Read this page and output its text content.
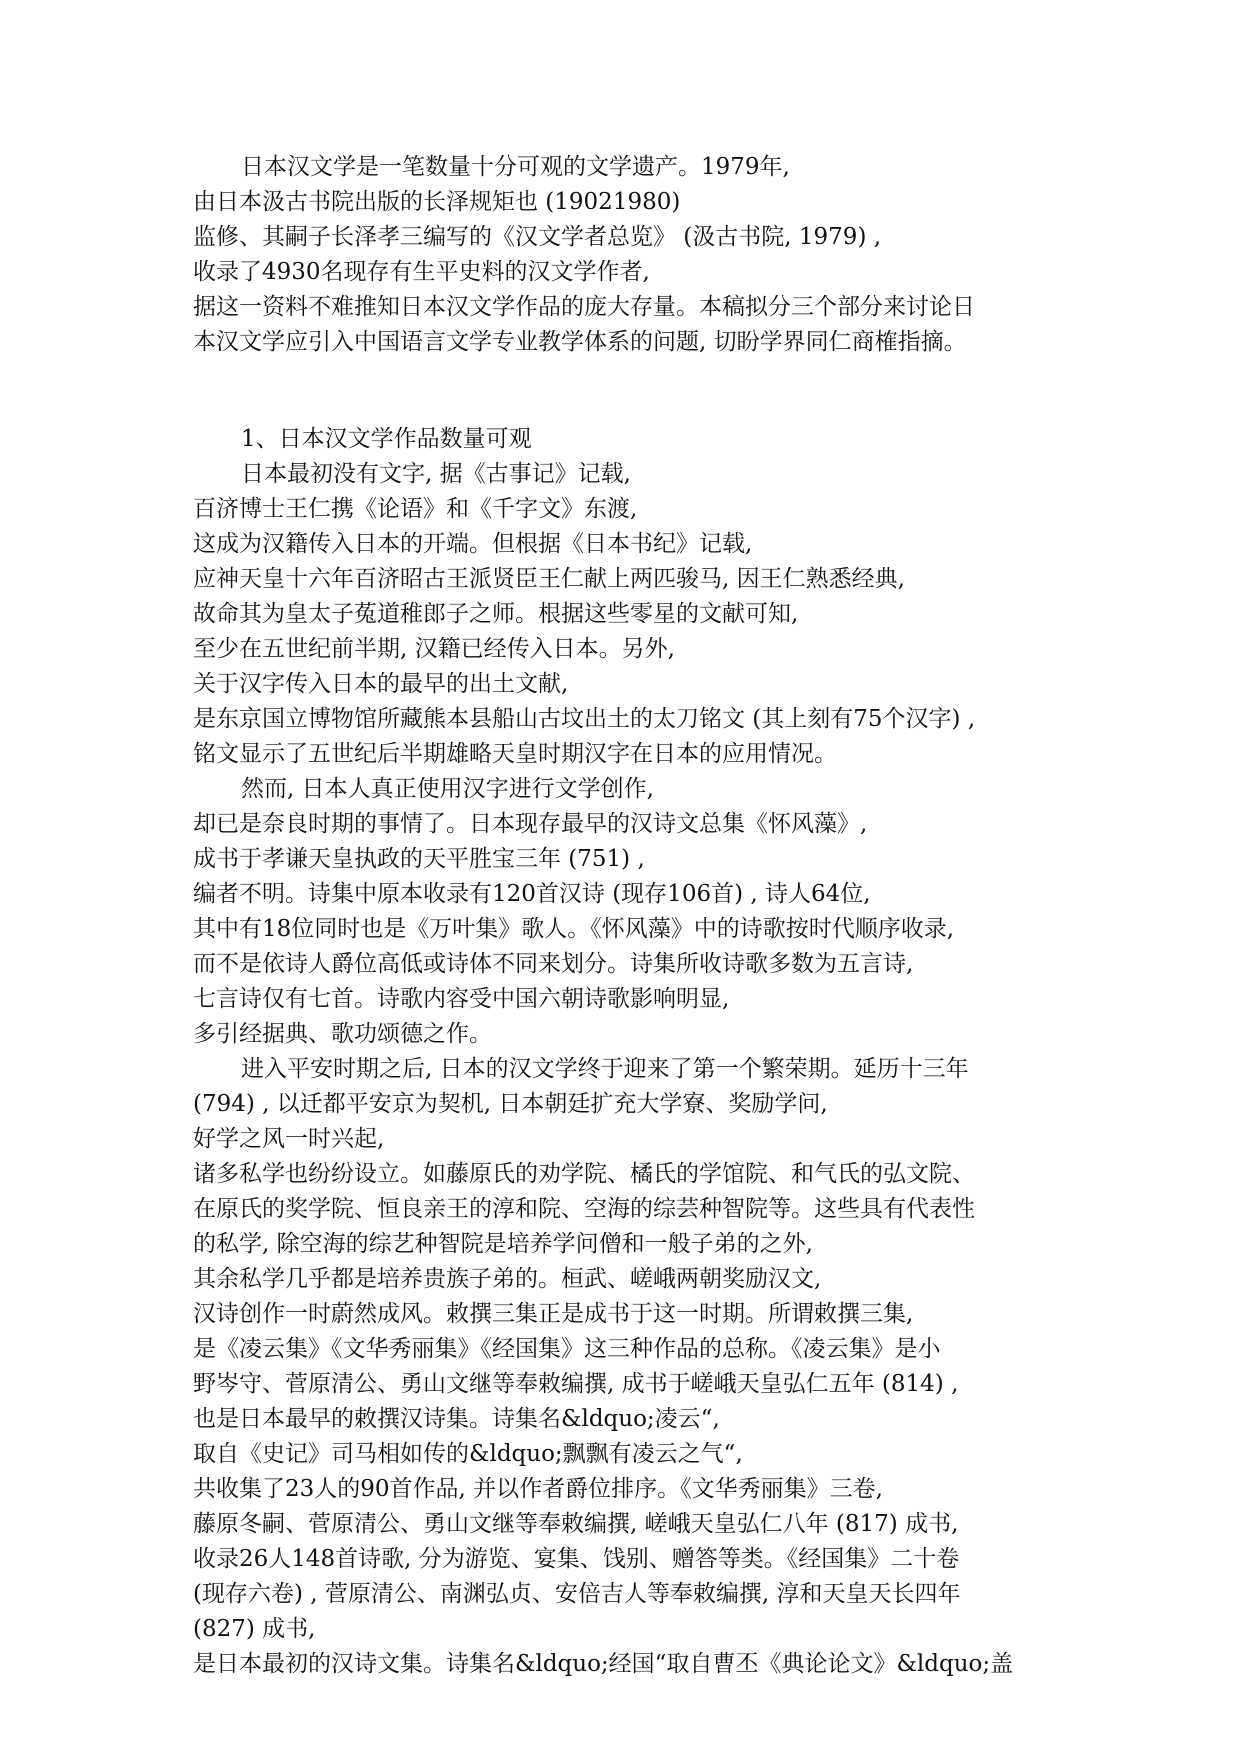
日本汉文学是一笔数量十分可观的文学遗产。1979年,
由日本汲古书院出版的长泽规矩也 (19021980)
监修、其嗣子长泽孝三编写的《汉文学者总览》 (汲古书院, 1979) ,
收录了4930名现存有生平史料的汉文学作者,
据这一资料不难推知日本汉文学作品的庞大存量。本稿拟分三个部分来讨论日
本汉文学应引入中国语言文学专业教学体系的问题, 切盼学界同仁商榷指摘。
1、日本汉文学作品数量可观
日本最初没有文字, 据《古事记》记载,
百济博士王仁携《论语》和《千字文》东渡,
这成为汉籍传入日本的开端。但根据《日本书纪》记载,
应神天皇十六年百济昭古王派贤臣王仁献上两匹骏马, 因王仁熟悉经典,
故命其为皇太子菟道稚郎子之师。根据这些零星的文献可知,
至少在五世纪前半期, 汉籍已经传入日本。另外,
关于汉字传入日本的最早的出土文献,
是东京国立博物馆所藏熊本县船山古坟出土的太刀铭文 (其上刻有75个汉字) ,
铭文显示了五世纪后半期雄略天皇时期汉字在日本的应用情况。
然而, 日本人真正使用汉字进行文学创作,
却已是奈良时期的事情了。日本现存最早的汉诗文总集《怀风藻》,
成书于孝谦天皇执政的天平胜宝三年 (751) ,
编者不明。诗集中原本收录有120首汉诗 (现存106首) , 诗人64位,
其中有18位同时也是《万叶集》歌人。《怀风藻》中的诗歌按时代顺序收录,
而不是依诗人爵位高低或诗体不同来划分。诗集所收诗歌多数为五言诗,
七言诗仅有七首。诗歌内容受中国六朝诗歌影响明显,
多引经据典、歌功颂德之作。
进入平安时期之后, 日本的汉文学终于迎来了第一个繁荣期。延历十三年
(794) , 以迁都平安京为契机, 日本朝廷扩充大学寮、奖励学问,
好学之风一时兴起,
诸多私学也纷纷设立。如藤原氏的劝学院、橘氏的学馆院、和气氏的弘文院、
在原氏的奖学院、恒良亲王的淳和院、空海的综芸种智院等。这些具有代表性
的私学, 除空海的综艺种智院是培养学问僧和一般子弟的之外,
其余私学几乎都是培养贵族子弟的。桓武、嵯峨两朝奖励汉文,
汉诗创作一时蔚然成风。敕撰三集正是成书于这一时期。所谓敕撰三集,
是《凌云集》《文华秀丽集》《经国集》这三种作品的总称。《凌云集》是小
野岑守、菅原清公、勇山文继等奉敕编撰, 成书于嵯峨天皇弘仁五年 (814) ,
也是日本最早的敕撰汉诗集。诗集名&ldquo;凌云“,
取自《史记》司马相如传的&ldquo;飘飘有凌云之气“,
共收集了23人的90首作品, 并以作者爵位排序。《文华秀丽集》三卷,
藤原冬嗣、菅原清公、勇山文继等奉敕编撰, 嵯峨天皇弘仁八年 (817) 成书,
收录26人148首诗歌, 分为游览、宴集、饯别、赠答等类。《经国集》二十卷
(现存六卷) , 菅原清公、南渊弘贞、安倍吉人等奉敕编撰, 淳和天皇天长四年
(827) 成书,
是日本最初的汉诗文集。诗集名&ldquo;经国“取自曹丕《典论论文》&ldquo;盖
